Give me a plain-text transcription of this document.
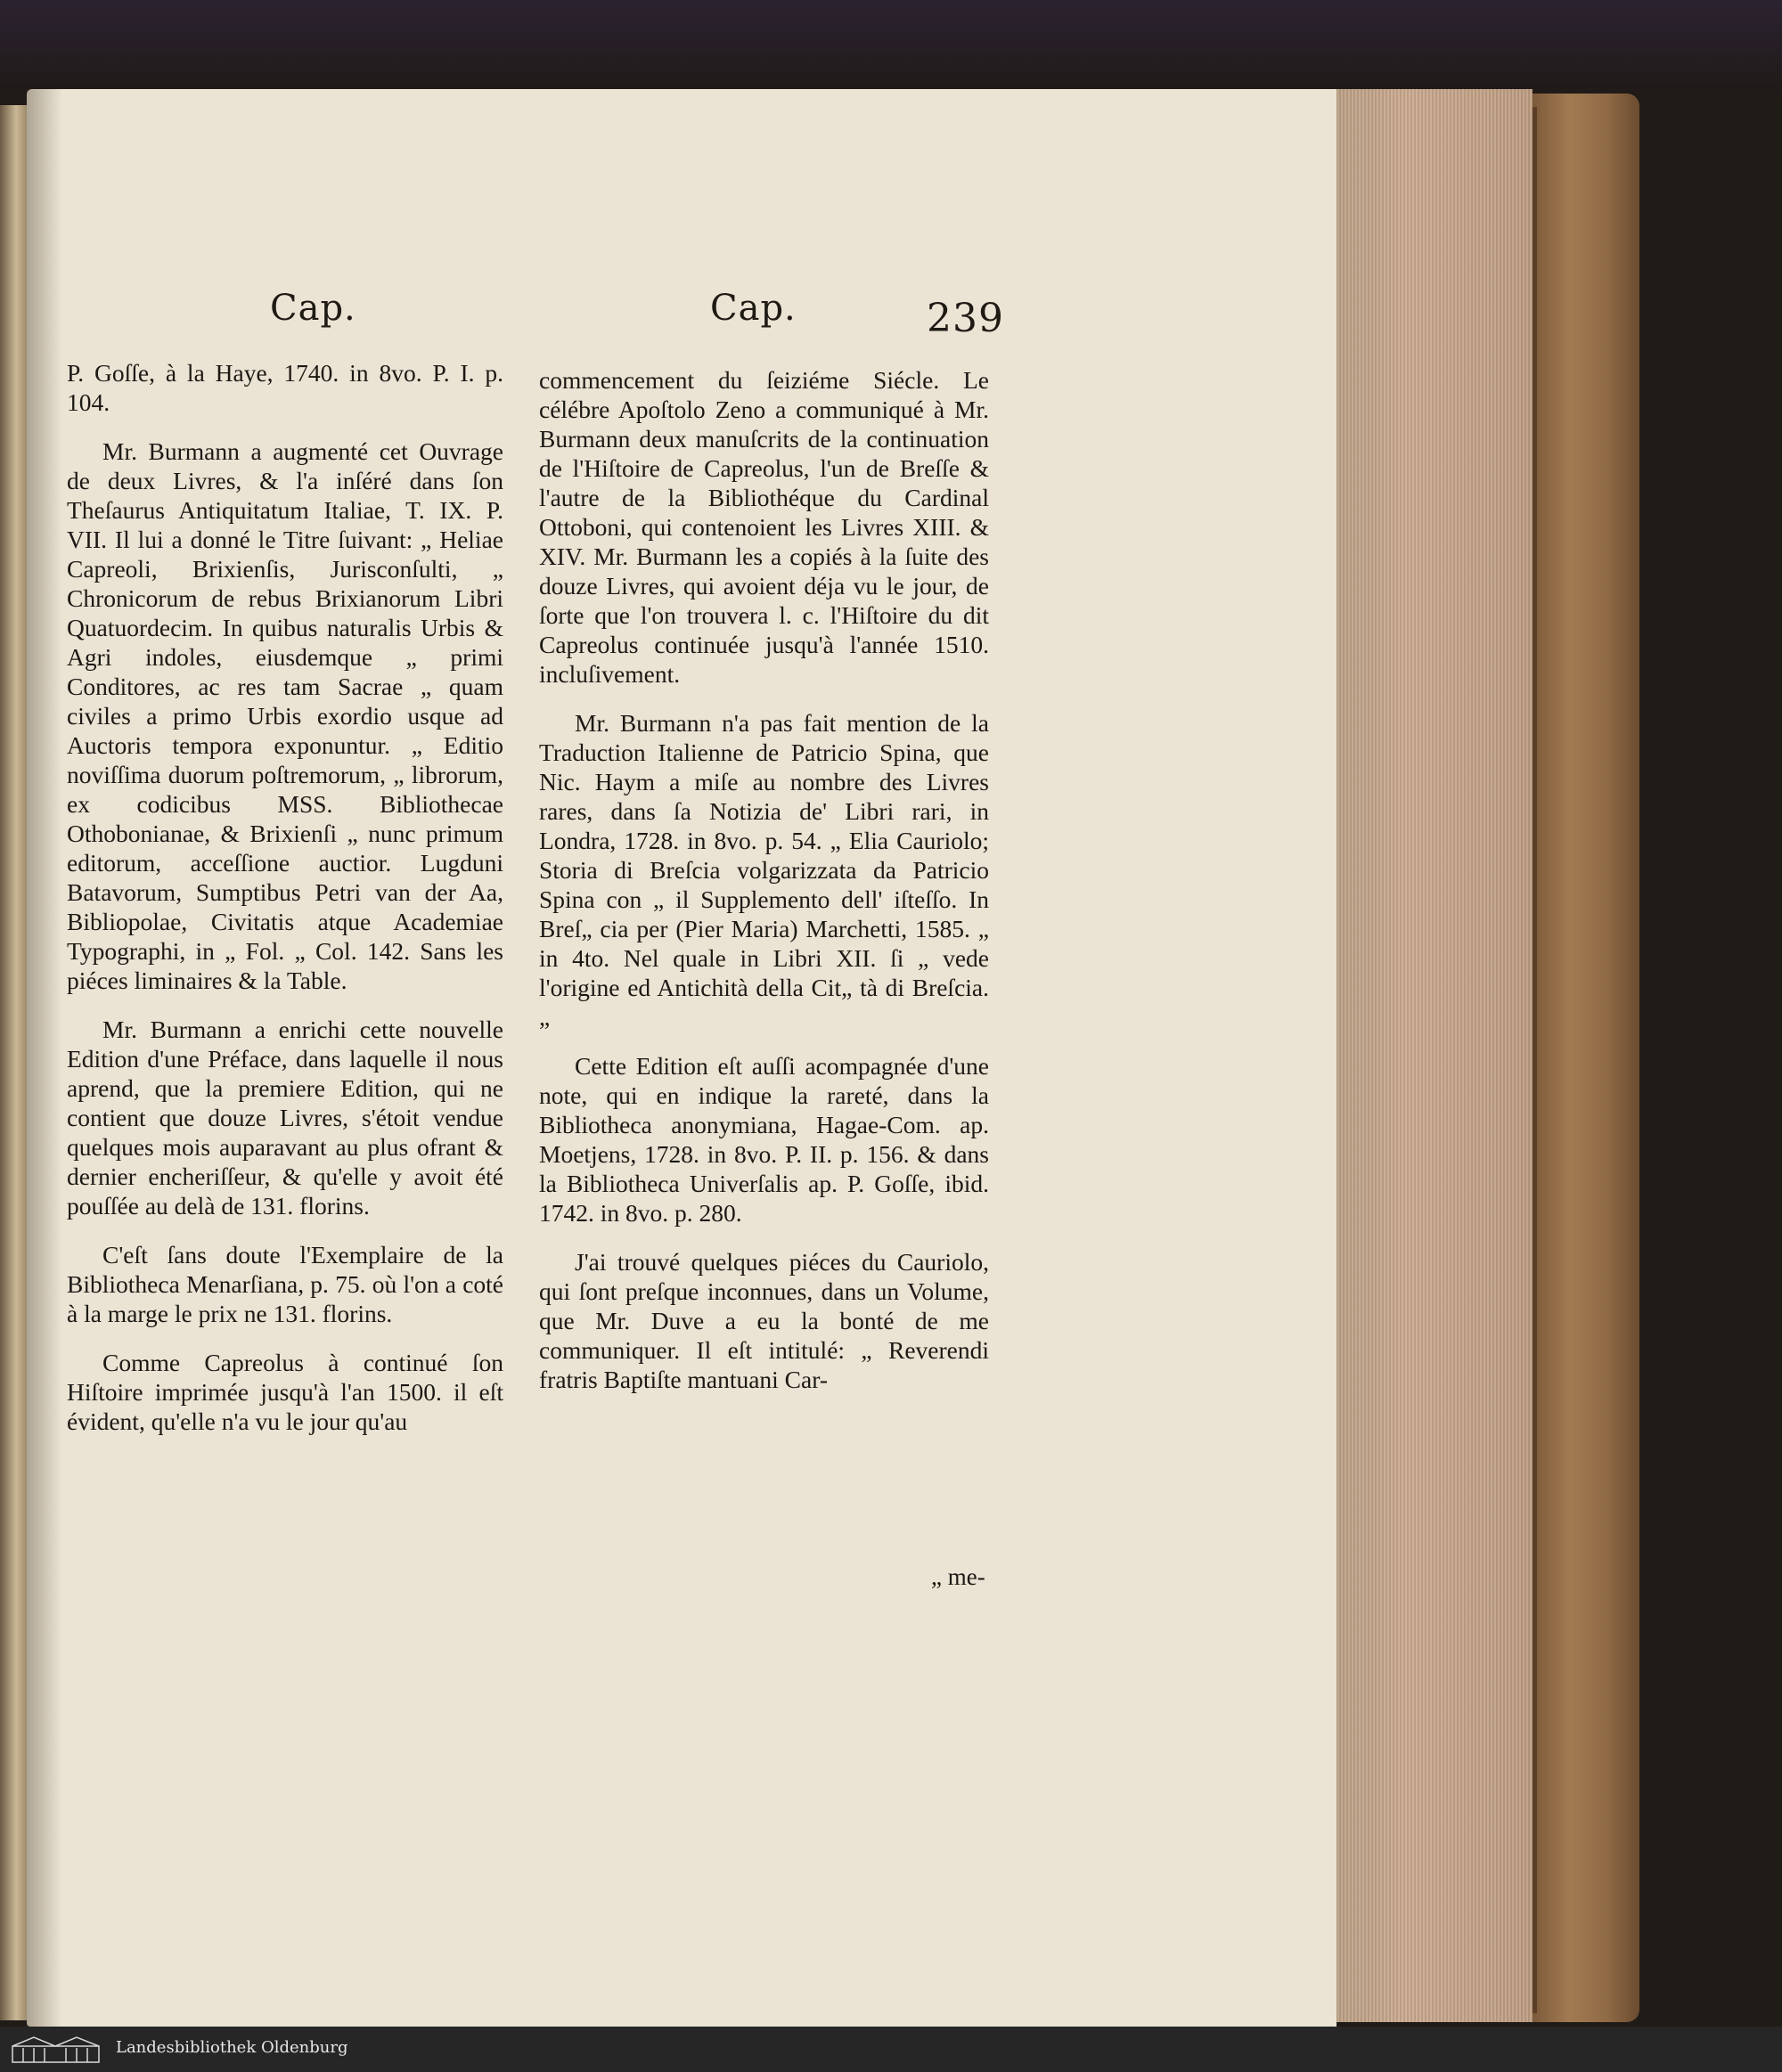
Cap.	Cap.	239

P. Goſſe, à la Haye, 1740. in 8vo. P. I. p. 104.

Mr. Burmann a augmenté cet Ouvrage de deux Livres, & l'a inſéré dans ſon Theſaurus Antiquitatum Italiae, T. IX. P. VII. Il lui a donné le Titre ſuivant: „ Heliae Capreoli, Brixienſis, Jurisconſulti, „ Chronicorum de rebus Brixianorum Libri Quatuordecim. In quibus naturalis Urbis & Agri indoles, eiusdemque „ primi Conditores, ac res tam Sacrae „ quam civiles a primo Urbis exordio usque ad Auctoris tempora exponuntur. „ Editio noviſſima duorum poſtremorum, „ librorum, ex codicibus MSS. Bibliothecae Othobonianae, & Brixienſi „ nunc primum editorum, acceſſione auctior. Lugduni Batavorum, Sumptibus Petri van der Aa, Bibliopolae, Civitatis atque Academiae Typographi, in „ Fol. „ Col. 142. Sans les piéces liminaires & la Table.

Mr. Burmann a enrichi cette nouvelle Edition d'une Préface, dans laquelle il nous aprend, que la premiere Edition, qui ne contient que douze Livres, s'étoit vendue quelques mois auparavant au plus ofrant & dernier encheriſſeur, & qu'elle y avoit été pouſſée au delà de 131. florins.

C'eſt ſans doute l'Exemplaire de la Bibliotheca Menarſiana, p. 75. où l'on a coté à la marge le prix ne 131. florins.

Comme Capreolus à continué ſon Hiſtoire imprimée jusqu'à l'an 1500. il eſt évident, qu'elle n'a vu le jour qu'au

commencement du ſeiziéme Siécle. Le célébre Apoſtolo Zeno a communiqué à Mr. Burmann deux manuſcrits de la continuation de l'Hiſtoire de Capreolus, l'un de Breſſe & l'autre de la Bibliothéque du Cardinal Ottoboni, qui contenoient les Livres XIII. & XIV. Mr. Burmann les a copiés à la ſuite des douze Livres, qui avoient déja vu le jour, de ſorte que l'on trouvera l. c. l'Hiſtoire du dit Capreolus continuée jusqu'à l'année 1510. incluſivement.

Mr. Burmann n'a pas fait mention de la Traduction Italienne de Patricio Spina, que Nic. Haym a miſe au nombre des Livres rares, dans ſa Notizia de' Libri rari, in Londra, 1728. in 8vo. p. 54. „ Elia Cauriolo; Storia di Breſcia volgarizzata da Patricio Spina con „ il Supplemento dell' iſteſſo. In Breſ„ cia per (Pier Maria) Marchetti, 1585. „ in 4to. Nel quale in Libri XII. ſi „ vede l'origine ed Antichità della Cit„ tà di Breſcia. „

Cette Edition eſt auſſi acompagnée d'une note, qui en indique la rareté, dans la Bibliotheca anonymiana, Hagae-Com. ap. Moetjens, 1728. in 8vo. P. II. p. 156. & dans la Bibliotheca Univerſalis ap. P. Goſſe, ibid. 1742. in 8vo. p. 280.

J'ai trouvé quelques piéces du Cauriolo, qui ſont preſque inconnues, dans un Volume, que Mr. Duve a eu la bonté de me communiquer. Il eſt intitulé: „ Reverendi fratris Baptiſte mantuani Car-

„ me-
Landesbibliothek Oldenburg
